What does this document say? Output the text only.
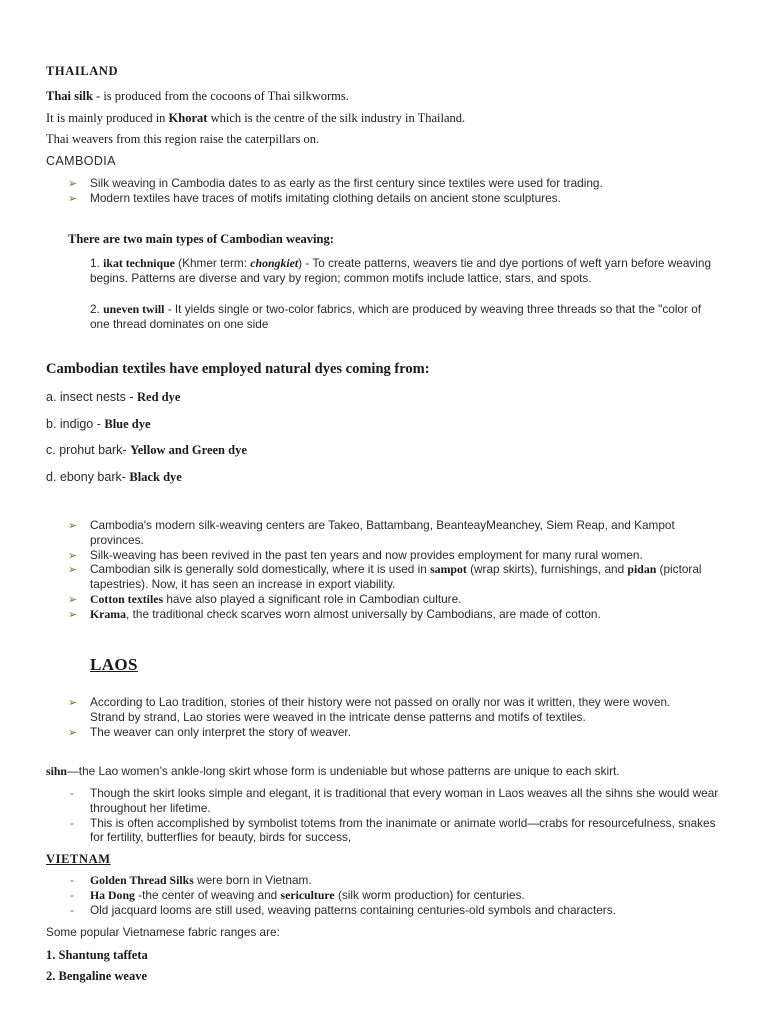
THAILAND
Thai silk - is produced from the cocoons of Thai silkworms.
It is mainly produced in Khorat which is the centre of the silk industry in Thailand.
Thai weavers from this region raise the caterpillars on.
CAMBODIA
➢ Silk weaving in Cambodia dates to as early as the first century since textiles were used for trading.
➢ Modern textiles have traces of motifs imitating clothing details on ancient stone sculptures.
There are two main types of Cambodian weaving:
1. ikat technique (Khmer term: chongkiet) - To create patterns, weavers tie and dye portions of weft yarn before weaving begins. Patterns are diverse and vary by region; common motifs include lattice, stars, and spots.
2. uneven twill - It yields single or two-color fabrics, which are produced by weaving three threads so that the "color of one thread dominates on one side
Cambodian textiles have employed natural dyes coming from:
a. insect nests - Red dye
b. indigo - Blue dye
c. prohut bark- Yellow and Green dye
d. ebony bark- Black dye
➢ Cambodia's modern silk-weaving centers are Takeo, Battambang, BeanteayMeanchey, Siem Reap, and Kampot provinces.
➢ Silk-weaving has been revived in the past ten years and now provides employment for many rural women.
➢ Cambodian silk is generally sold domestically, where it is used in sampot (wrap skirts), furnishings, and pidan (pictoral tapestries). Now, it has seen an increase in export viability.
➢ Cotton textiles have also played a significant role in Cambodian culture.
➢ Krama, the traditional check scarves worn almost universally by Cambodians, are made of cotton.
LAOS
➢ According to Lao tradition, stories of their history were not passed on orally nor was it written, they were woven. Strand by strand, Lao stories were weaved in the intricate dense patterns and motifs of textiles.
➢ The weaver can only interpret the story of weaver.
sihn—the Lao women’s ankle-long skirt whose form is undeniable but whose patterns are unique to each skirt.
- Though the skirt looks simple and elegant, it is traditional that every woman in Laos weaves all the sihns she would wear throughout her lifetime.
- This is often accomplished by symbolist totems from the inanimate or animate world—crabs for resourcefulness, snakes for fertility, butterflies for beauty, birds for success,
VIETNAM
- Golden Thread Silks were born in Vietnam.
- Ha Dong -the center of weaving and sericulture (silk worm production) for centuries.
- Old jacquard looms are still used, weaving patterns containing centuries-old symbols and characters.
Some popular Vietnamese fabric ranges are:
1. Shantung taffeta
2. Bengaline weave
